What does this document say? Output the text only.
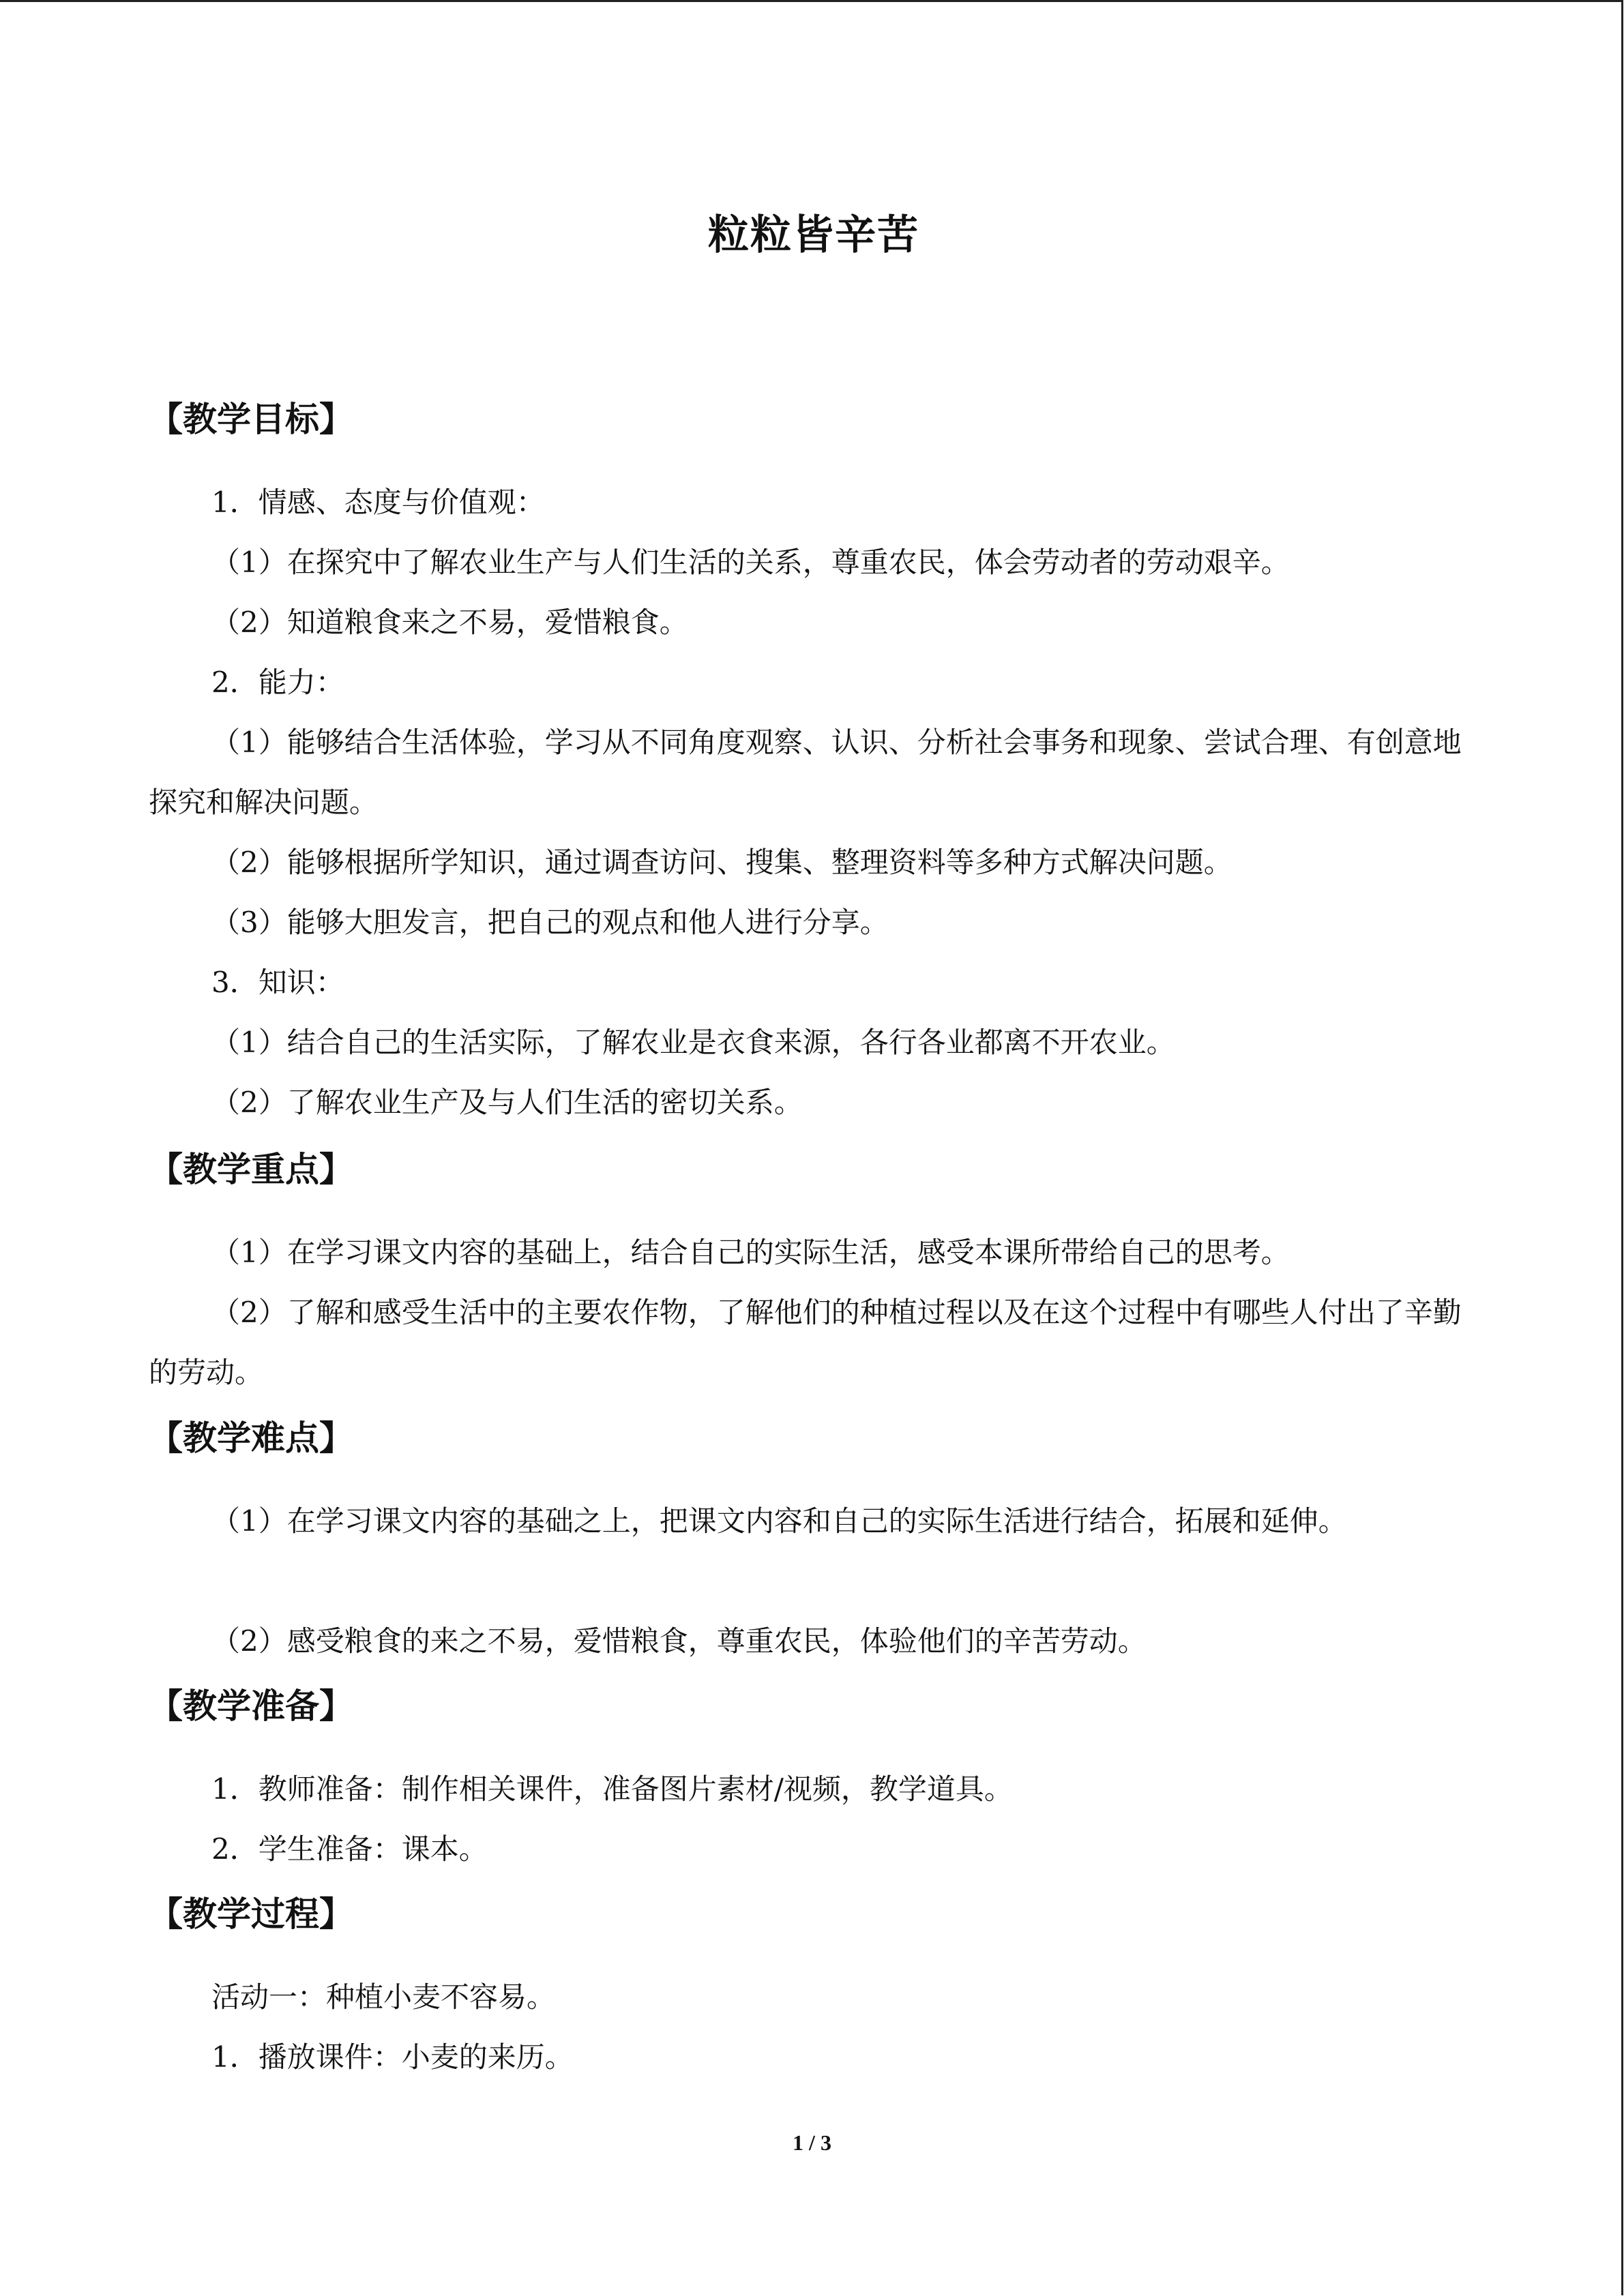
粒粒皆辛苦
【教学目标】

1．情感、态度与价值观：

（1）在探究中了解农业生产与人们生活的关系，尊重农民，体会劳动者的劳动艰辛。

（2）知道粮食来之不易，爱惜粮食。

2．能力：

（1）能够结合生活体验，学习从不同角度观察、认识、分析社会事务和现象、尝试合理、有创意地探究和解决问题。

（2）能够根据所学知识，通过调查访问、搜集、整理资料等多种方式解决问题。

（3）能够大胆发言，把自己的观点和他人进行分享。

3．知识：

（1）结合自己的生活实际，了解农业是衣食来源，各行各业都离不开农业。

（2）了解农业生产及与人们生活的密切关系。

【教学重点】

（1）在学习课文内容的基础上，结合自己的实际生活，感受本课所带给自己的思考。

（2）了解和感受生活中的主要农作物，了解他们的种植过程以及在这个过程中有哪些人付出了辛勤的劳动。

【教学难点】

（1）在学习课文内容的基础之上，把课文内容和自己的实际生活进行结合，拓展和延伸。

（2）感受粮食的来之不易，爱惜粮食，尊重农民，体验他们的辛苦劳动。

【教学准备】

1．教师准备：制作相关课件，准备图片素材/视频，教学道具。

2．学生准备：课本。

【教学过程】

活动一：种植小麦不容易。

1．播放课件：小麦的来历。

1 / 3
